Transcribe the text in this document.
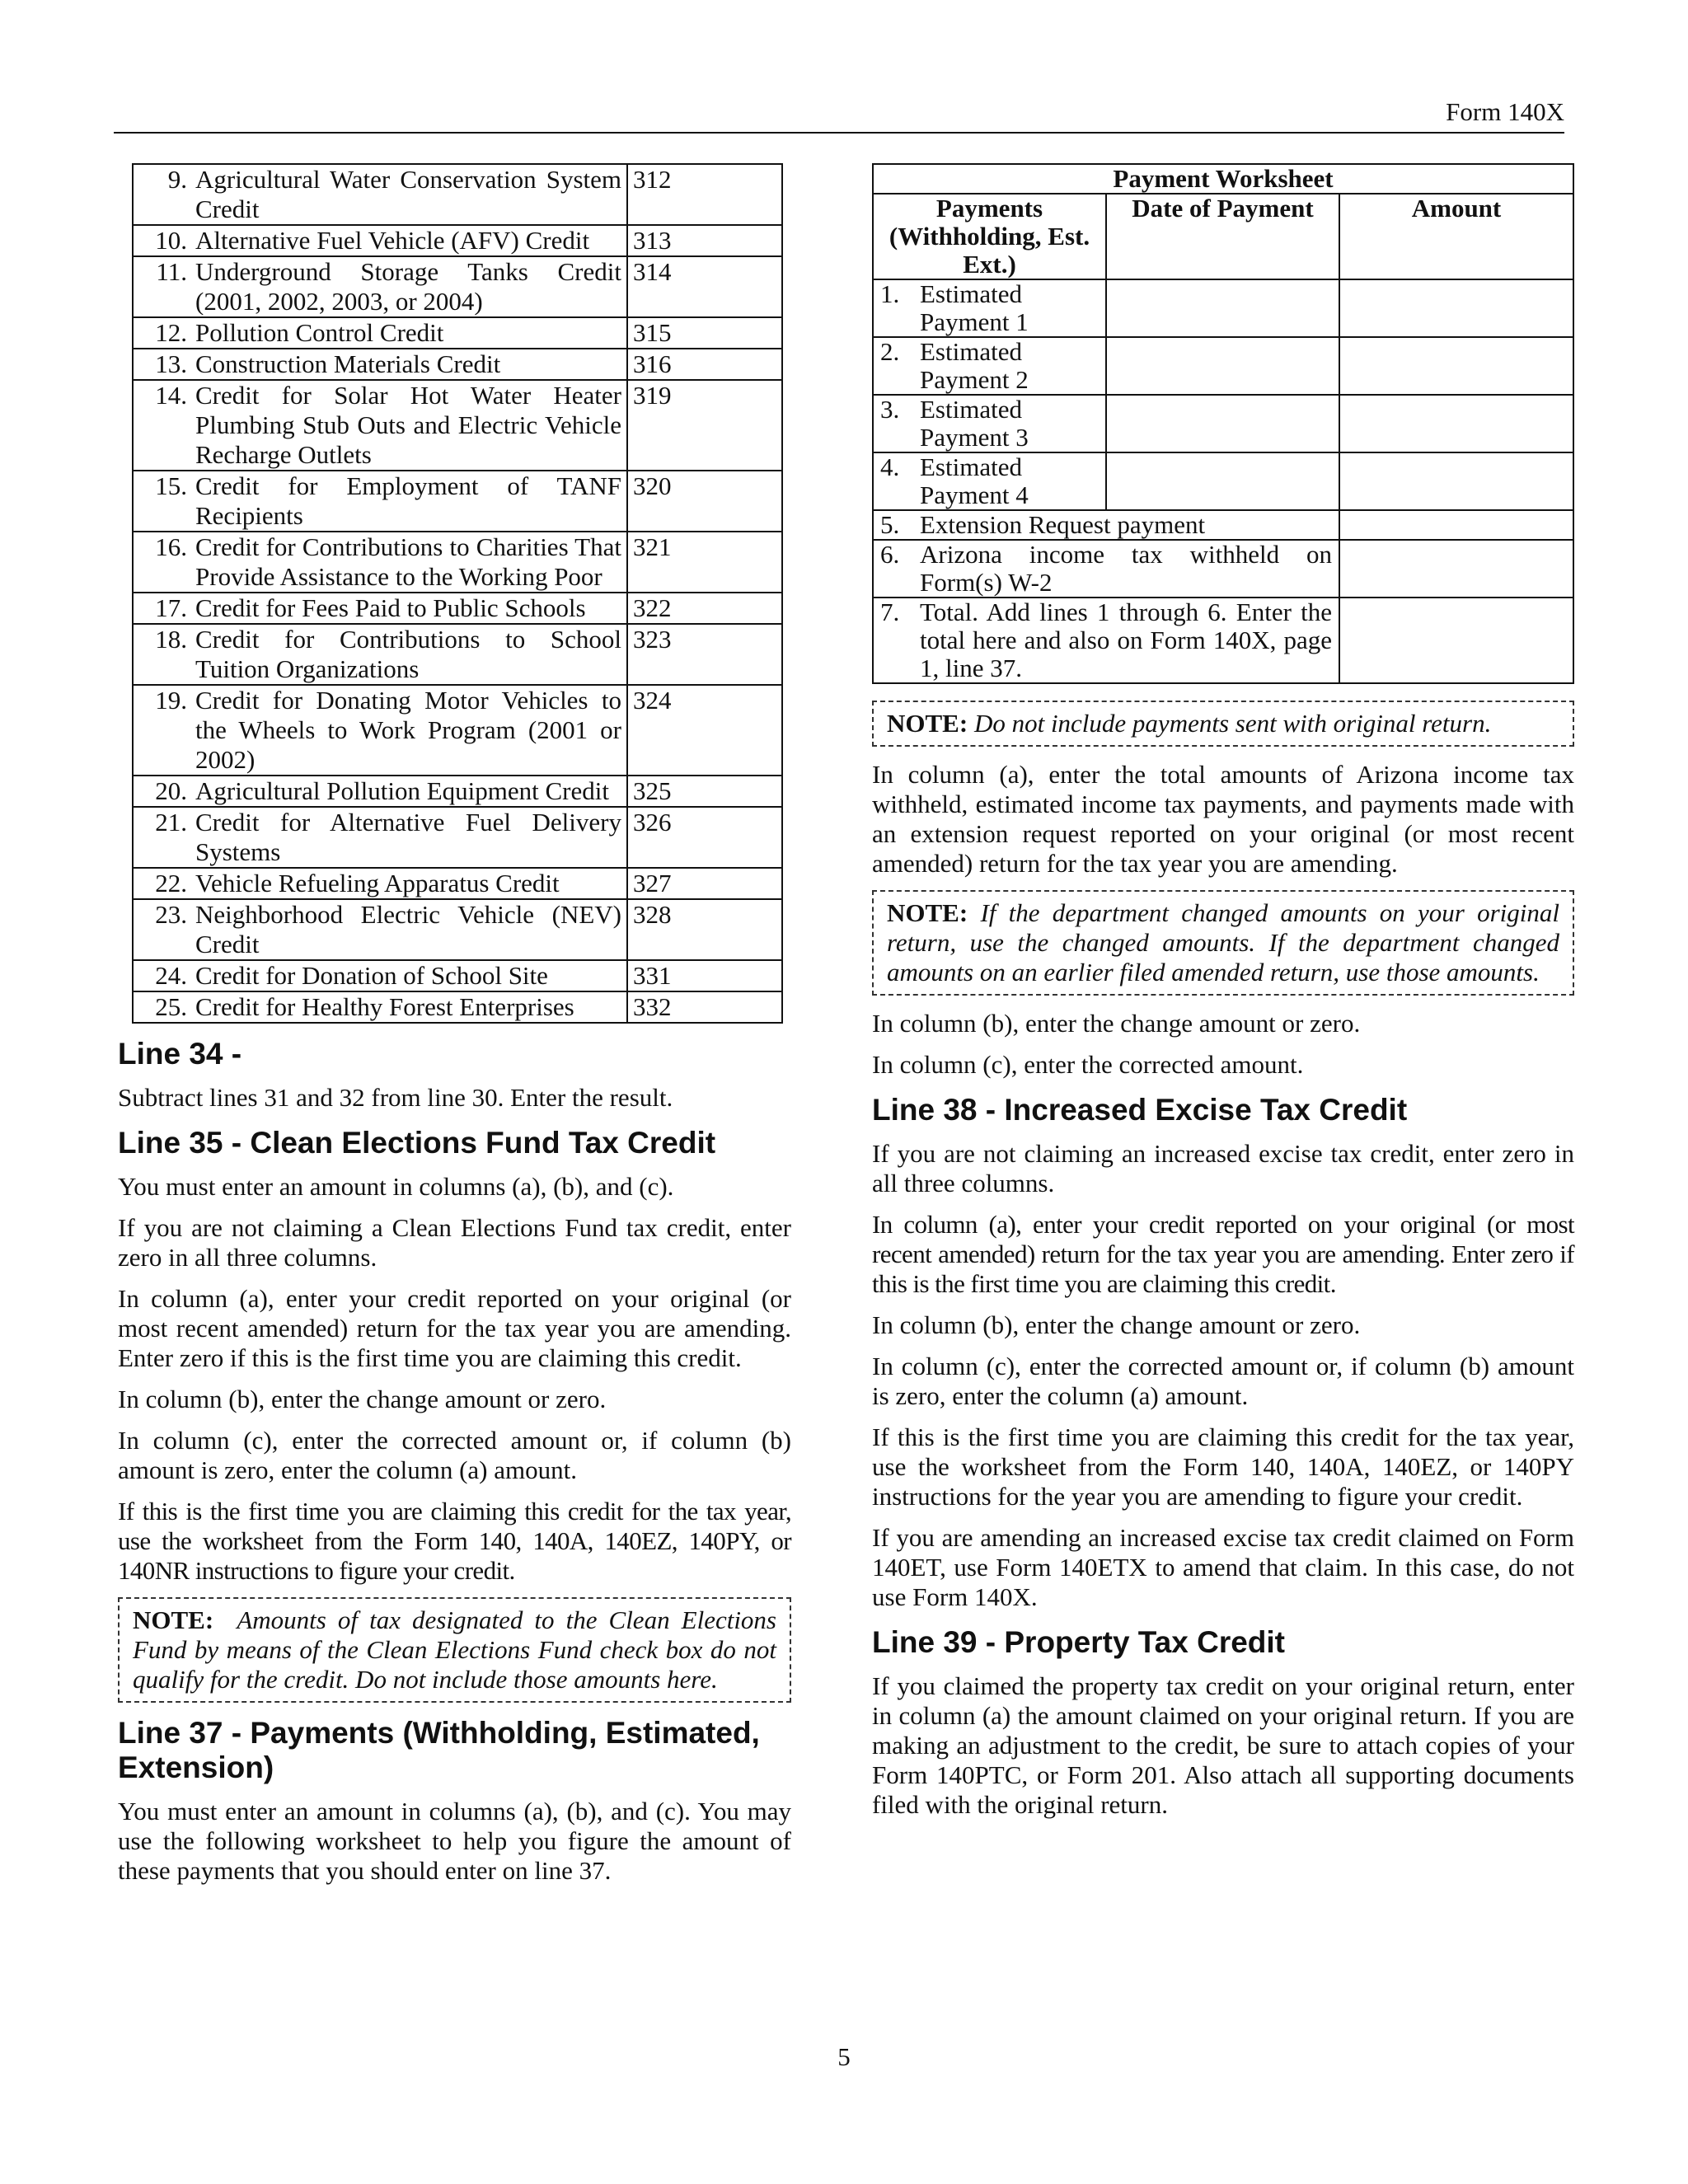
Form 140X
9. Agricultural Water Conservation System Credit	312

10. Alternative Fuel Vehicle (AFV) Credit	313

11. Underground Storage Tanks Credit (2001, 2002, 2003, or 2004)	314

12. Pollution Control Credit	315

13. Construction Materials Credit	316

14. Credit for Solar Hot Water Heater Plumbing Stub Outs and Electric Vehicle Recharge Outlets	319

15. Credit for Employment of TANF Recipients	320

16. Credit for Contributions to Charities That Provide Assistance to the Working Poor	321

17. Credit for Fees Paid to Public Schools	322

18. Credit for Contributions to School Tuition Organizations	323

19. Credit for Donating Motor Vehicles to the Wheels to Work Program (2001 or 2002)	324

20. Agricultural Pollution Equipment Credit	325

21. Credit for Alternative Fuel Delivery Systems	326

22. Vehicle Refueling Apparatus Credit	327

23. Neighborhood Electric Vehicle (NEV) Credit	328

24. Credit for Donation of School Site	331

25. Credit for Healthy Forest Enterprises	332
Line 34 -

Subtract lines 31 and 32 from line 30. Enter the result.

Line 35 - Clean Elections Fund Tax Credit

You must enter an amount in columns (a), (b), and (c).

If you are not claiming a Clean Elections Fund tax credit, enter zero in all three columns.

In column (a), enter your credit reported on your original (or most recent amended) return for the tax year you are amending. Enter zero if this is the first time you are claiming this credit.

In column (b), enter the change amount or zero.

In column (c), enter the corrected amount or, if column (b) amount is zero, enter the column (a) amount.

If this is the first time you are claiming this credit for the tax year, use the worksheet from the Form 140, 140A, 140EZ, 140PY, or 140NR instructions to figure your credit.

NOTE: Amounts of tax designated to the Clean Elections Fund by means of the Clean Elections Fund check box do not qualify for the credit. Do not include those amounts here.
Line 37 - Payments (Withholding, Estimated, Extension)

You must enter an amount in columns (a), (b), and (c). You may use the following worksheet to help you figure the amount of these payments that you should enter on line 37.

Payment Worksheet		
Payments (Withholding, Est. Ext.)	Date of Payment	Amount

1. Estimated Payment 1		

2. Estimated Payment 2		

3. Estimated Payment 3		

4. Estimated Payment 4		

5. Extension Request payment		

6. Arizona income tax withheld on Form(s) W-2		

7. Total. Add lines 1 through 6. Enter the total here and also on Form 140X, page 1, line 37.		

NOTE: Do not include payments sent with original return.

In column (a), enter the total amounts of Arizona income tax withheld, estimated income tax payments, and payments made with an extension request reported on your original (or most recent amended) return for the tax year you are amending.

NOTE: If the department changed amounts on your original return, use the changed amounts. If the department changed amounts on an earlier filed amended return, use those amounts.

In column (b), enter the change amount or zero.

In column (c), enter the corrected amount.

Line 38 - Increased Excise Tax Credit

If you are not claiming an increased excise tax credit, enter zero in all three columns.

In column (a), enter your credit reported on your original (or most recent amended) return for the tax year you are amending. Enter zero if this is the first time you are claiming this credit.

In column (b), enter the change amount or zero.

In column (c), enter the corrected amount or, if column (b) amount is zero, enter the column (a) amount.

If this is the first time you are claiming this credit for the tax year, use the worksheet from the Form 140, 140A, 140EZ, or 140PY instructions for the year you are amending to figure your credit.

If you are amending an increased excise tax credit claimed on Form 140ET, use Form 140ETX to amend that claim. In this case, do not use Form 140X.

Line 39 - Property Tax Credit

If you claimed the property tax credit on your original return, enter in column (a) the amount claimed on your original return. If you are making an adjustment to the credit, be sure to attach copies of your Form 140PTC, or Form 201. Also attach all supporting documents filed with the original return.

5
